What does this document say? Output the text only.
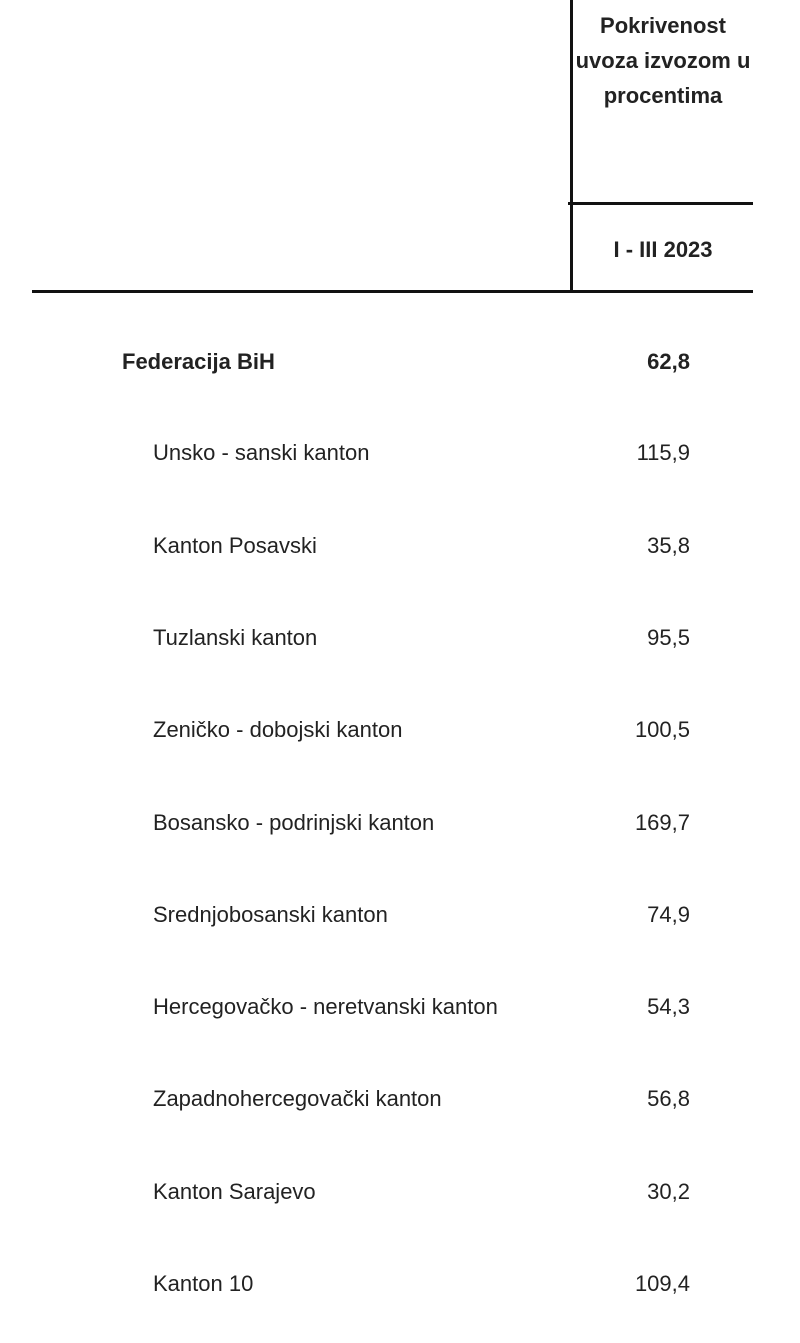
Pokrivenost uvoza izvozom u procentima
I - III 2023
Federacija BiH	62,8
Unsko - sanski kanton	115,9
Kanton Posavski	35,8
Tuzlanski kanton	95,5
Zeničko - dobojski kanton	100,5
Bosansko - podrinjski kanton	169,7
Srednjobosanski kanton	74,9
Hercegovačko - neretvanski kanton	54,3
Zapadnohercegovački kanton	56,8
Kanton Sarajevo	30,2
Kanton 10	109,4
